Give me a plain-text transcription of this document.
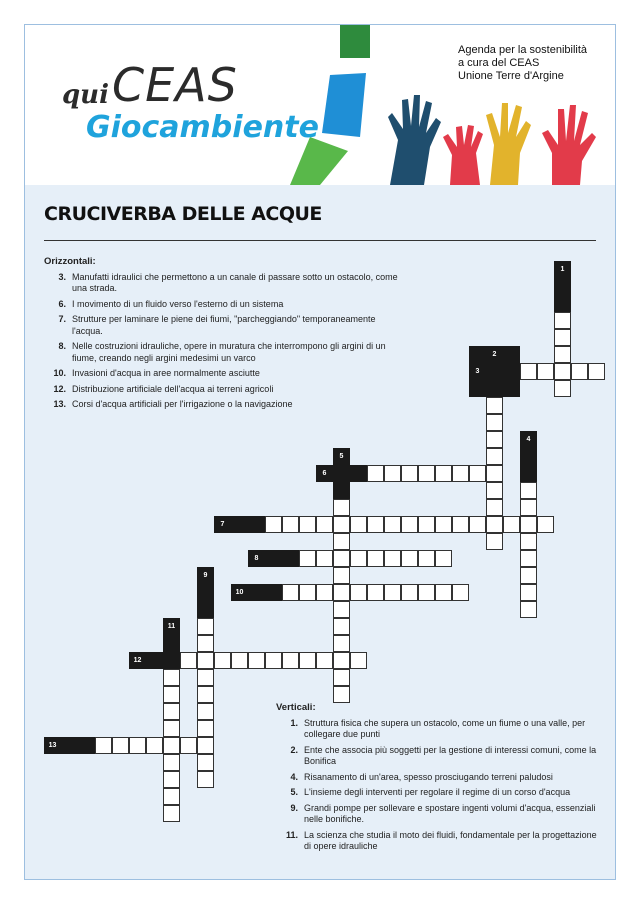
qui CEAS
Giocambiente
Agenda per la sostenibilità
a cura del CEAS
Unione Terre d'Argine
CRUCIVERBA DELLE ACQUE
Orizzontali:
3. Manufatti idraulici che permettono a un canale di passare sotto un ostacolo, come una strada.
6. I movimento di un fluido verso l'esterno di un sistema
7. Strutture per laminare le piene dei fiumi, "parcheggiando" temporaneamente l'acqua.
8. Nelle costruzioni idrauliche, opere in muratura che interrompono gli argini di un fiume, creando negli argini medesimi un varco
10. Invasioni d'acqua in aree normalmente asciutte
12. Distribuzione artificiale dell'acqua ai terreni agricoli
13. Corsi d'acqua artificiali per l'irrigazione o la navigazione
Verticali:
1. Struttura fisica che supera un ostacolo, come un fiume o una valle, per collegare due punti
2. Ente che associa più soggetti per la gestione di interessi comuni, come la Bonifica
4. Risanamento di un'area, spesso prosciugando terreni paludosi
5. L'insieme degli interventi per regolare il regime di un corso d'acqua
9. Grandi pompe per sollevare e spostare ingenti volumi d'acqua, essenziali nelle bonifiche.
11. La scienza che studia il moto dei fluidi, fondamentale per la progettazione di opere idrauliche
1
2
3
4
5
6
7
8
9
10
11
12
13
